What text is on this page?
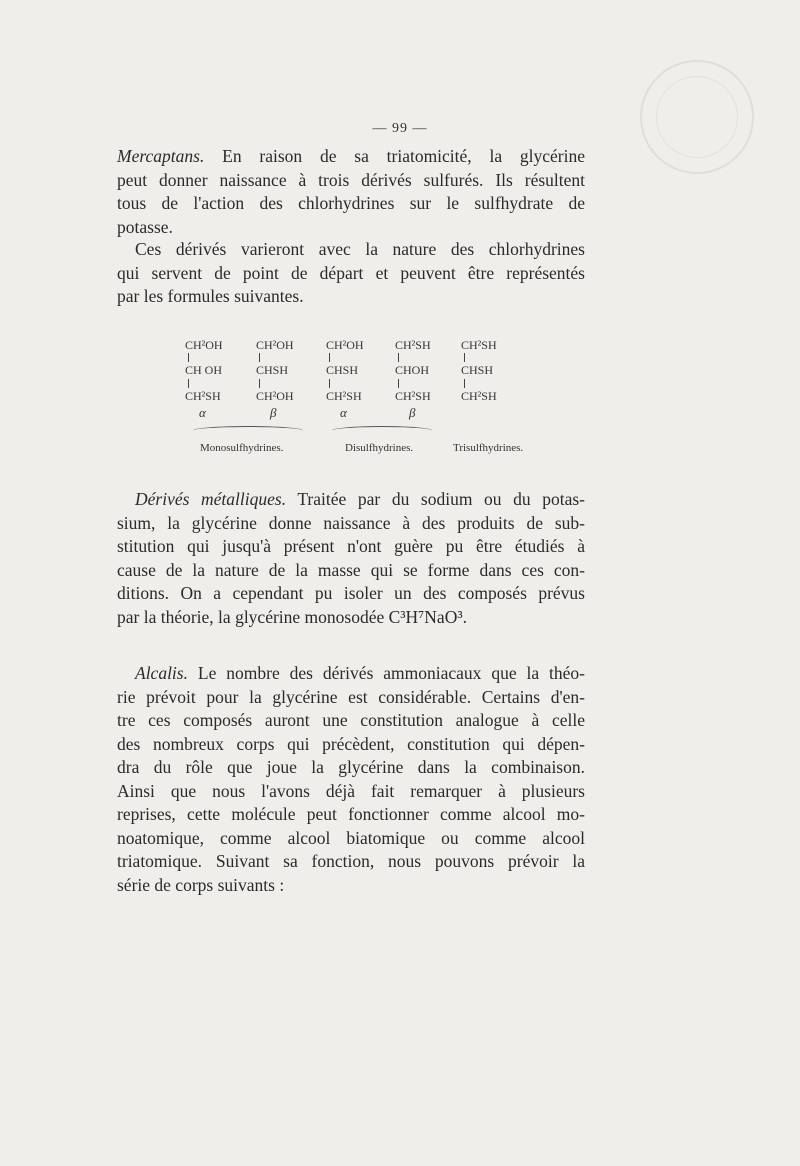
— 99 —
Mercaptans. En raison de sa triatomicité, la glycérine
peut donner naissance à trois dérivés sulfurés. Ils résultent
tous de l'action des chlorhydrines sur le sulfhydrate de
potasse.
Ces dérivés varieront avec la nature des chlorhydrines
qui servent de point de départ et peuvent être représentés
par les formules suivantes.
CH²OH
CH OH
CH²SH
α
CH²OH
CHSH
CH²OH
β
CH²OH
CHSH
CH²SH
α
CH²SH
CHOH
CH²SH
β
CH²SH
CHSH
CH²SH
Monosulfhydrines.	Disulfhydrines.	Trisulfhydrines.
Dérivés métalliques. Traitée par du sodium ou du potas-
sium, la glycérine donne naissance à des produits de sub-
stitution qui jusqu'à présent n'ont guère pu être étudiés à
cause de la nature de la masse qui se forme dans ces con-
ditions. On a cependant pu isoler un des composés prévus
par la théorie, la glycérine monosodée C³H⁷NaO³.
Alcalis. Le nombre des dérivés ammoniacaux que la théo-
rie prévoit pour la glycérine est considérable. Certains d'en-
tre ces composés auront une constitution analogue à celle
des nombreux corps qui précèdent, constitution qui dépen-
dra du rôle que joue la glycérine dans la combinaison.
Ainsi que nous l'avons déjà fait remarquer à plusieurs
reprises, cette molécule peut fonctionner comme alcool mo-
noatomique, comme alcool biatomique ou comme alcool
triatomique. Suivant sa fonction, nous pouvons prévoir la
série de corps suivants :
